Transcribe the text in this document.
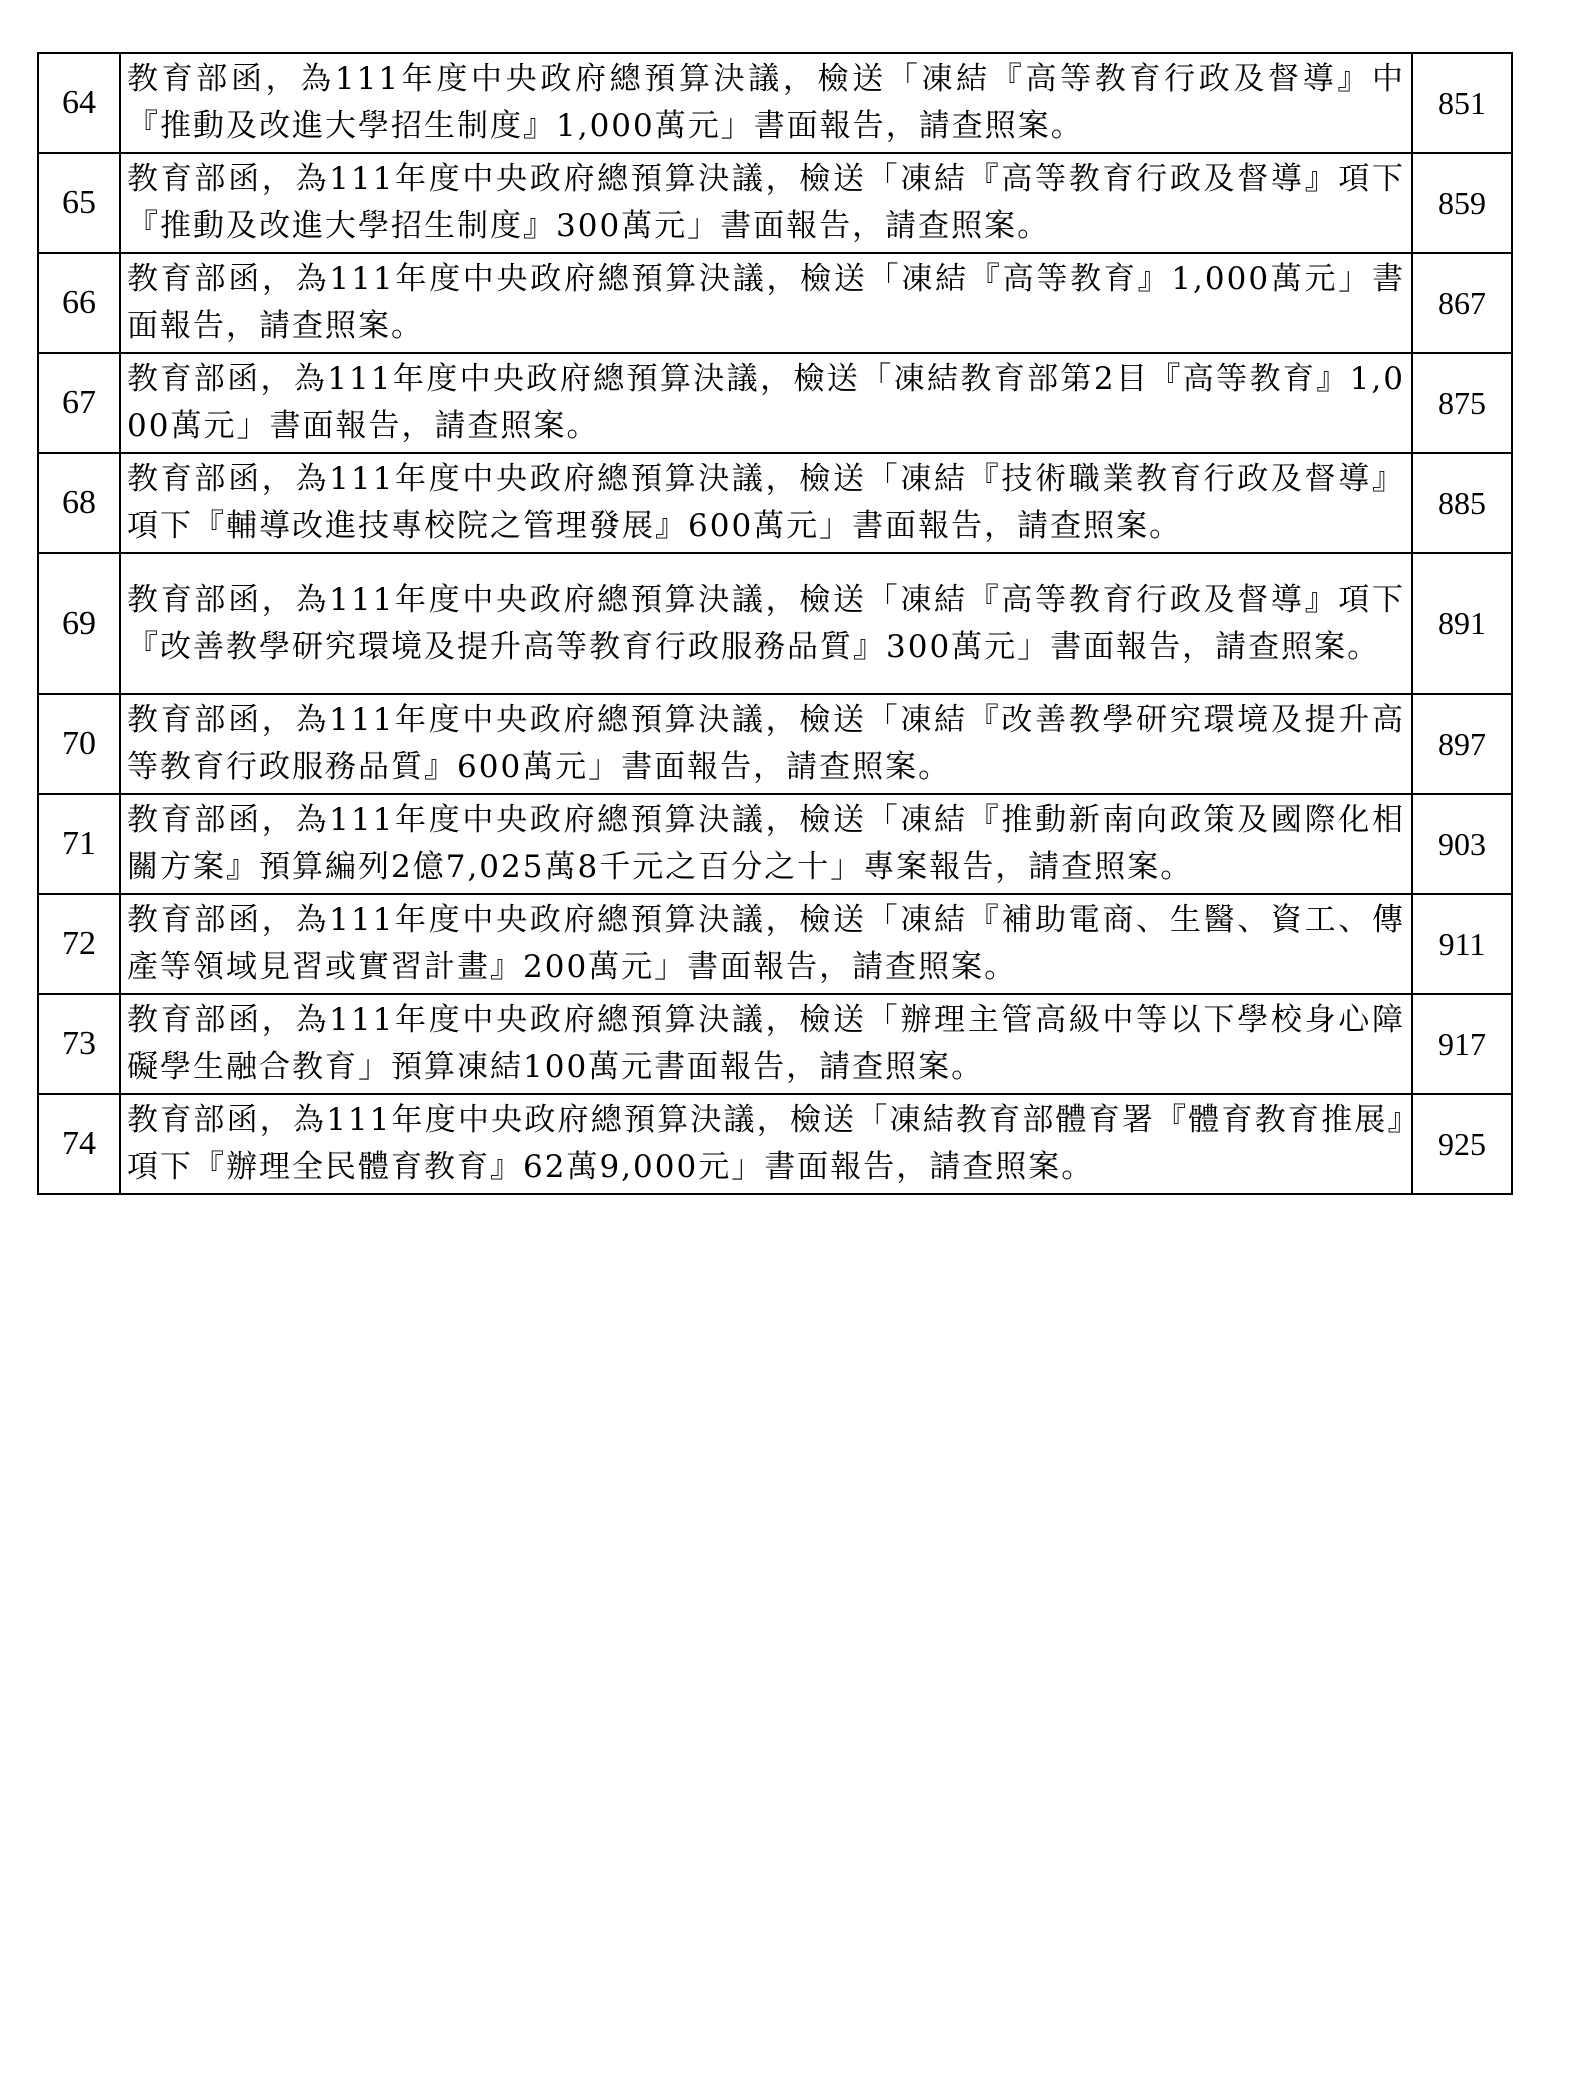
64	教育部函，為111年度中央政府總預算決議，檢送「凍結『高等教育行政及督導』中『推動及改進大學招生制度』1,000萬元」書面報告，請查照案。	851
65	教育部函，為111年度中央政府總預算決議，檢送「凍結『高等教育行政及督導』項下『推動及改進大學招生制度』300萬元」書面報告，請查照案。	859
66	教育部函，為111年度中央政府總預算決議，檢送「凍結『高等教育』1,000萬元」書面報告，請查照案。	867
67	教育部函，為111年度中央政府總預算決議，檢送「凍結教育部第2目『高等教育』1,000萬元」書面報告，請查照案。	875
68	教育部函，為111年度中央政府總預算決議，檢送「凍結『技術職業教育行政及督導』項下『輔導改進技專校院之管理發展』600萬元」書面報告，請查照案。	885
69	教育部函，為111年度中央政府總預算決議，檢送「凍結『高等教育行政及督導』項下『改善教學研究環境及提升高等教育行政服務品質』300萬元」書面報告，請查照案。	891
70	教育部函，為111年度中央政府總預算決議，檢送「凍結『改善教學研究環境及提升高等教育行政服務品質』600萬元」書面報告，請查照案。	897
71	教育部函，為111年度中央政府總預算決議，檢送「凍結『推動新南向政策及國際化相關方案』預算編列2億7,025萬8千元之百分之十」專案報告，請查照案。	903
72	教育部函，為111年度中央政府總預算決議，檢送「凍結『補助電商、生醫、資工、傳產等領域見習或實習計畫』200萬元」書面報告，請查照案。	911
73	教育部函，為111年度中央政府總預算決議，檢送「辦理主管高級中等以下學校身心障礙學生融合教育」預算凍結100萬元書面報告，請查照案。	917
74	教育部函，為111年度中央政府總預算決議，檢送「凍結教育部體育署『體育教育推展』項下『辦理全民體育教育』62萬9,000元」書面報告，請查照案。	925
